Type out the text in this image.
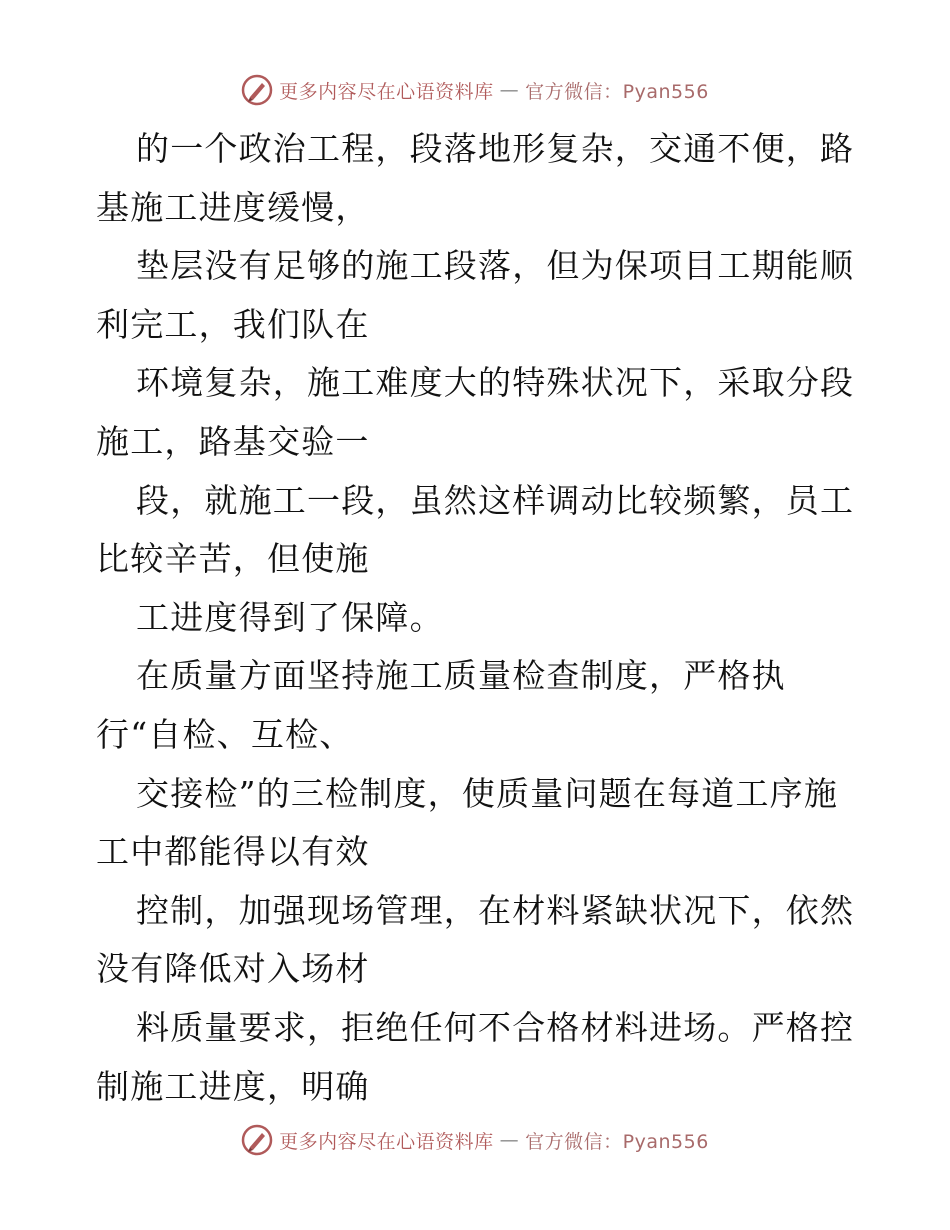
更多内容尽在心语资料库 — 官方微信：Pyan556
的一个政治工程，段落地形复杂，交通不便，路
基施工进度缓慢，
垫层没有足够的施工段落，但为保项目工期能顺
利完工，我们队在
环境复杂，施工难度大的特殊状况下，采取分段
施工，路基交验一
段，就施工一段，虽然这样调动比较频繁，员工
比较辛苦，但使施
工进度得到了保障。
在质量方面坚持施工质量检查制度，严格执
行“自检、互检、
交接检”的三检制度，使质量问题在每道工序施
工中都能得以有效
控制，加强现场管理，在材料紧缺状况下，依然
没有降低对入场材
料质量要求，拒绝任何不合格材料进场。严格控
制施工进度，明确
更多内容尽在心语资料库 — 官方微信：Pyan556
